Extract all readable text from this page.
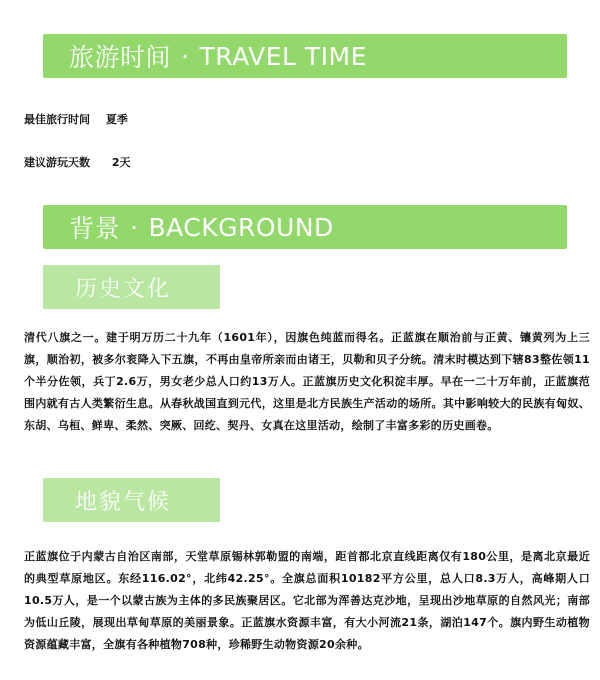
旅游时间 · TRAVEL TIME
最佳旅行时间 夏季
建议游玩天数 2天
背景 · BACKGROUND
历史文化

清代八旗之一。建于明万历二十九年（1601年），因旗色纯蓝而得名。正蓝旗在顺治前与正黄、镶黄列为上三旗，顺治初，被多尔衮降入下五旗，不再由皇帝所亲而由诸王，贝勒和贝子分统。清末时模达到下辖83整佐领11个半分佐领，兵丁2.6万，男女老少总人口约13万人。正蓝旗历史文化积淀丰厚。早在一二十万年前，正蓝旗范围内就有古人类繁衍生息。从春秋战国直到元代，这里是北方民族生产活动的场所。其中影响较大的民族有匈奴、东胡、乌桓、鲜卑、柔然、突厥、回纥、契丹、女真在这里活动，绘制了丰富多彩的历史画卷。

地貌气候

正蓝旗位于内蒙古自治区南部，天堂草原锡林郭勒盟的南端，距首都北京直线距离仅有180公里，是离北京最近的典型草原地区。东经116.02°，北纬42.25°。全旗总面积10182平方公里，总人口8.3万人，高峰期人口10.5万人，是一个以蒙古族为主体的多民族聚居区。它北部为浑善达克沙地，呈现出沙地草原的自然风光；南部为低山丘陵，展现出草甸草原的美丽景象。正蓝旗水资源丰富，有大小河流21条，湖泊147个。旗内野生动植物资源蕴藏丰富，全旗有各种植物708种，珍稀野生动物资源20余种。
